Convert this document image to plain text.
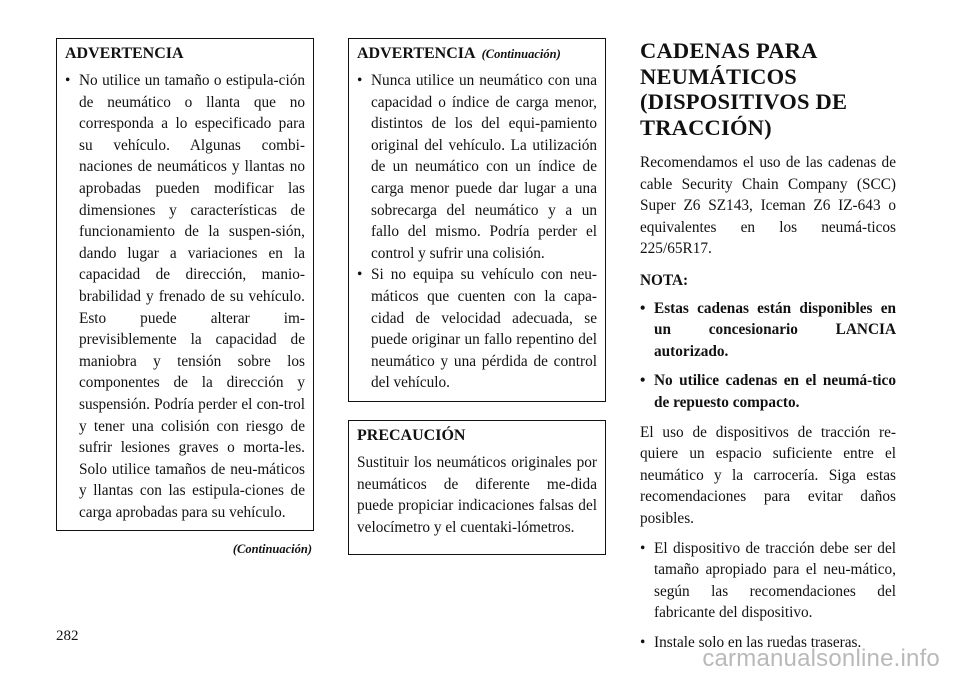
ADVERTENCIA
• No utilice un tamaño o estipula-ción de neumático o llanta que no corresponda a lo especificado para su vehículo. Algunas combi-naciones de neumáticos y llantas no aprobadas pueden modificar las dimensiones y características de funcionamiento de la suspen-sión, dando lugar a variaciones en la capacidad de dirección, manio-brabilidad y frenado de su vehículo. Esto puede alterar im-previsiblemente la capacidad de maniobra y tensión sobre los componentes de la dirección y suspensión. Podría perder el con-trol y tener una colisión con riesgo de sufrir lesiones graves o morta-les. Solo utilice tamaños de neu-máticos y llantas con las estipula-ciones de carga aprobadas para su vehículo.
(Continuación)
ADVERTENCIA (Continuación)
• Nunca utilice un neumático con una capacidad o índice de carga menor, distintos de los del equi-pamiento original del vehículo. La utilización de un neumático con un índice de carga menor puede dar lugar a una sobrecarga del neumático y a un fallo del mismo. Podría perder el control y sufrir una colisión.
• Si no equipa su vehículo con neu-máticos que cuenten con la capa-cidad de velocidad adecuada, se puede originar un fallo repentino del neumático y una pérdida de control del vehículo.
PRECAUCIÓN

Sustituir los neumáticos originales por neumáticos de diferente me-dida puede propiciar indicaciones falsas del velocímetro y el cuentaki-lómetros.

CADENAS PARA NEUMÁTICOS (DISPOSITIVOS DE TRACCIÓN)

Recomendamos el uso de las cadenas de cable Security Chain Company (SCC) Super Z6 SZ143, Iceman Z6 IZ-643 o equivalentes en los neumá-ticos 225/65R17.

NOTA:
• Estas cadenas están disponibles en un concesionario LANCIA autorizado.
• No utilice cadenas en el neumá-tico de repuesto compacto.

El uso de dispositivos de tracción re-quiere un espacio suficiente entre el neumático y la carrocería. Siga estas recomendaciones para evitar daños posibles.

• El dispositivo de tracción debe ser del tamaño apropiado para el neu-mático, según las recomendaciones del fabricante del dispositivo.
• Instale solo en las ruedas traseras.
282
carmanualsonline.info
